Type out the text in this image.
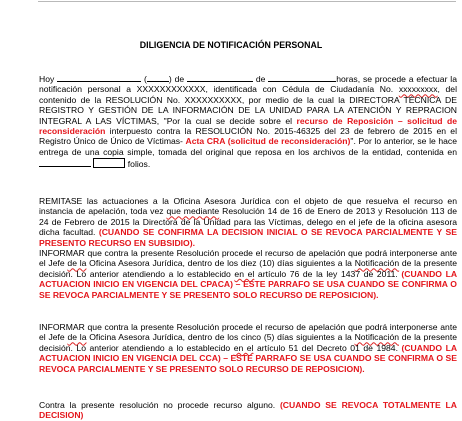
DILIGENCIA DE NOTIFICACIÓN PERSONAL

Hoy	(	) de	de	horas, se procede a efectuar la notificación personal a XXXXXXXXXXXX, identificada con Cédula de Ciudadanía No. xxxxxxxxx, del contenido de la RESOLUCIÓN No. XXXXXXXXXX, por medio de la cual la DIRECTORA TÉCNICA DE REGISTRO Y GESTIÓN DE LA INFORMACIÓN DE LA UNIDAD PARA LA ATENCIÓN Y REPRACION INTEGRAL A LAS VÍCTIMAS, "Por la cual se decide sobre el recurso de Reposición – solicitud de reconsideración interpuesto contra la RESOLUCIÓN No. 2015-46325 del 23 de febrero de 2015 en el Registro Único de Único de Víctimas- Acta CRA (solicitud de reconsideración)". Por lo anterior, se le hace entrega de una copia simple, tomada del original que reposa en los archivos de la entidad, contenida en   folios.

REMITASE las actuaciones a la Oficina Asesora Jurídica con el objeto de que resuelva el recurso en instancia de apelación, toda vez que mediante Resolución 14 de 16 de Enero de 2013 y Resolución 113 de 24 de Febrero de 2015 la Directora de la Unidad para las Víctimas, delego en el jefe de la oficina asesora dicha facultad. (CUANDO SE CONFIRMA LA DECISION INICIAL O SE REVOCA PARCIALMENTE Y SE PRESENTO RECURSO EN SUBSIDIO).

INFORMAR que contra la presente Resolución procede el recurso de apelación que podrá interponerse ante el Jefe de la Oficina Asesora Jurídica, dentro de los diez (10) días siguientes a la Notificación de la presente decisión. Lo anterior atendiendo a lo establecido en el artículo 76 de la ley 1437 de 2011. (CUANDO LA ACTUACION INICIO EN VIGENCIA DEL CPACA) – ESTE PARRAFO SE USA CUANDO SE CONFIRMA O SE REVOCA PARCIALMENTE Y SE PRESENTO SOLO RECURSO DE REPOSICION).

INFORMAR que contra la presente Resolución procede el recurso de apelación que podrá interponerse ante el Jefe de la Oficina Asesora Jurídica, dentro de los cinco (5) días siguientes a la Notificación de la presente decisión. Lo anterior atendiendo a lo establecido en el artículo 51 del Decreto 01 de 1984. (CUANDO LA ACTUACION INICIO EN VIGENCIA DEL CCA) – ESTE PARRAFO SE USA CUANDO SE CONFIRMA O SE REVOCA PARCIALMENTE Y SE PRESENTO SOLO RECURSO DE REPOSICION).

Contra la presente resolución no procede recurso alguno. (CUANDO SE REVOCA TOTALMENTE LA DECISION)
